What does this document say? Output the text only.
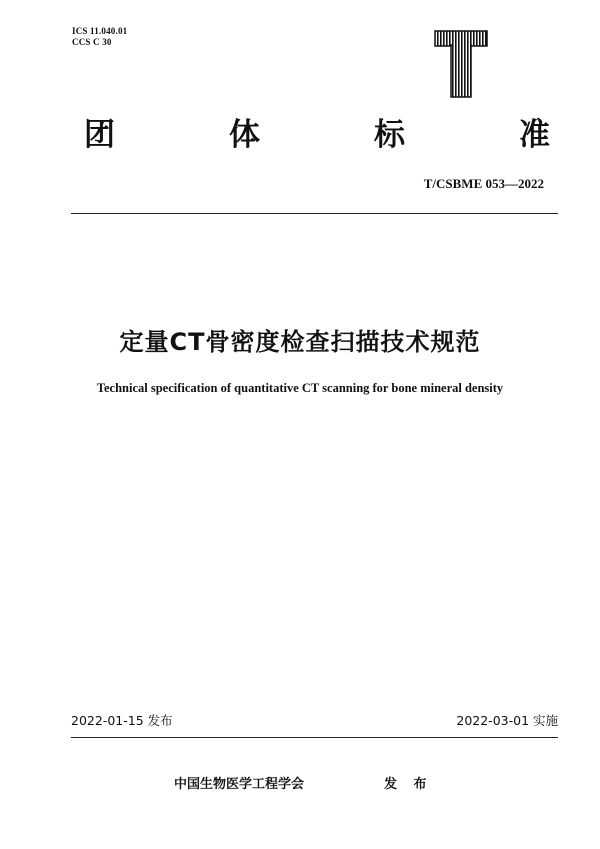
ICS 11.040.01
CCS C 30
团	体	标	准
T/CSBME 053—2022
定量CT骨密度检查扫描技术规范
Technical specification of quantitative CT scanning for bone mineral density
2022-01-15 发布	2022-03-01 实施
中国生物医学工程学会	发 布
